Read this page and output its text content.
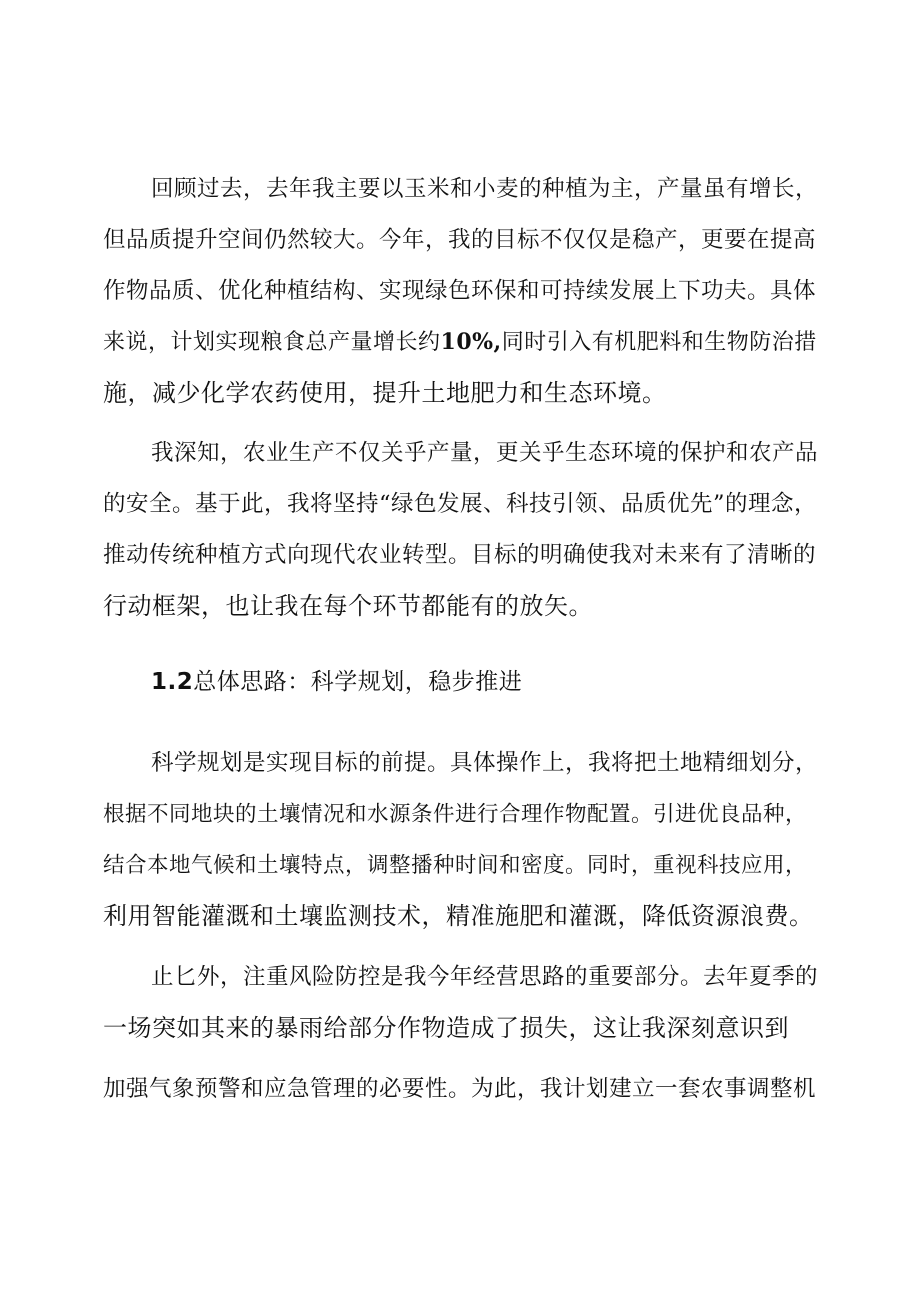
回顾过去，去年我主要以玉米和小麦的种植为主，产量虽有增长，
但品质提升空间仍然较大。今年，我的目标不仅仅是稳产，更要在提高
作物品质、优化种植结构、实现绿色环保和可持续发展上下功夫。具体
来说，计划实现粮食总产量增长约10%,同时引入有机肥料和生物防治措
施，减少化学农药使用，提升土地肥力和生态环境。
我深知，农业生产不仅关乎产量，更关乎生态环境的保护和农产品
的安全。基于此，我将坚持“绿色发展、科技引领、品质优先”的理念，
推动传统种植方式向现代农业转型。目标的明确使我对未来有了清晰的
行动框架，也让我在每个环节都能有的放矢。
1.2总体思路：科学规划，稳步推进
科学规划是实现目标的前提。具体操作上，我将把土地精细划分，
根据不同地块的土壤情况和水源条件进行合理作物配置。引进优良品种，
结合本地气候和土壤特点，调整播种时间和密度。同时，重视科技应用，
利用智能灌溉和土壤监测技术，精准施肥和灌溉，降低资源浪费。
止匕外，注重风险防控是我今年经营思路的重要部分。去年夏季的
一场突如其来的暴雨给部分作物造成了损失，这让我深刻意识到
加强气象预警和应急管理的必要性。为此，我计划建立一套农事调整机
